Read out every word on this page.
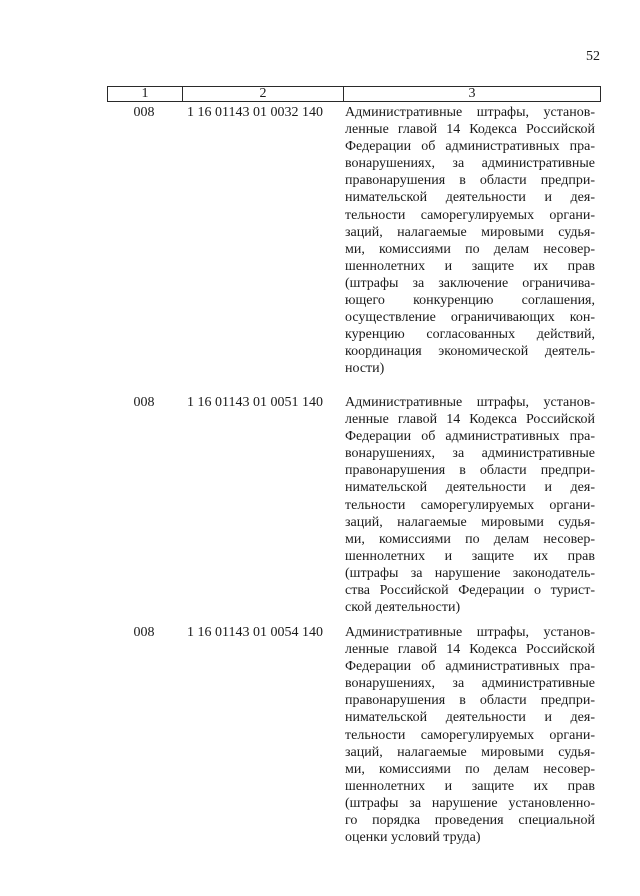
52
1	2	3
008	1 16 01143 01 0032 140	Административные штрафы, установ-
ленные главой 14 Кодекса Российской
Федерации об административных пра-
вонарушениях, за административные
правонарушения в области предпри-
нимательской деятельности и дея-
тельности саморегулируемых органи-
заций, налагаемые мировыми судья-
ми, комиссиями по делам несовер-
шеннолетних и защите их прав
(штрафы за заключение ограничива-
ющего конкуренцию соглашения,
осуществление ограничивающих кон-
куренцию согласованных действий,
координация экономической деятель-
ности)
008	1 16 01143 01 0051 140	Административные штрафы, установ-
ленные главой 14 Кодекса Российской
Федерации об административных пра-
вонарушениях, за административные
правонарушения в области предпри-
нимательской деятельности и дея-
тельности саморегулируемых органи-
заций, налагаемые мировыми судья-
ми, комиссиями по делам несовер-
шеннолетних и защите их прав
(штрафы за нарушение законодатель-
ства Российской Федерации о турист-
ской деятельности)
008	1 16 01143 01 0054 140	Административные штрафы, установ-
ленные главой 14 Кодекса Российской
Федерации об административных пра-
вонарушениях, за административные
правонарушения в области предпри-
нимательской деятельности и дея-
тельности саморегулируемых органи-
заций, налагаемые мировыми судья-
ми, комиссиями по делам несовер-
шеннолетних и защите их прав
(штрафы за нарушение установленно-
го порядка проведения специальной
оценки условий труда)
